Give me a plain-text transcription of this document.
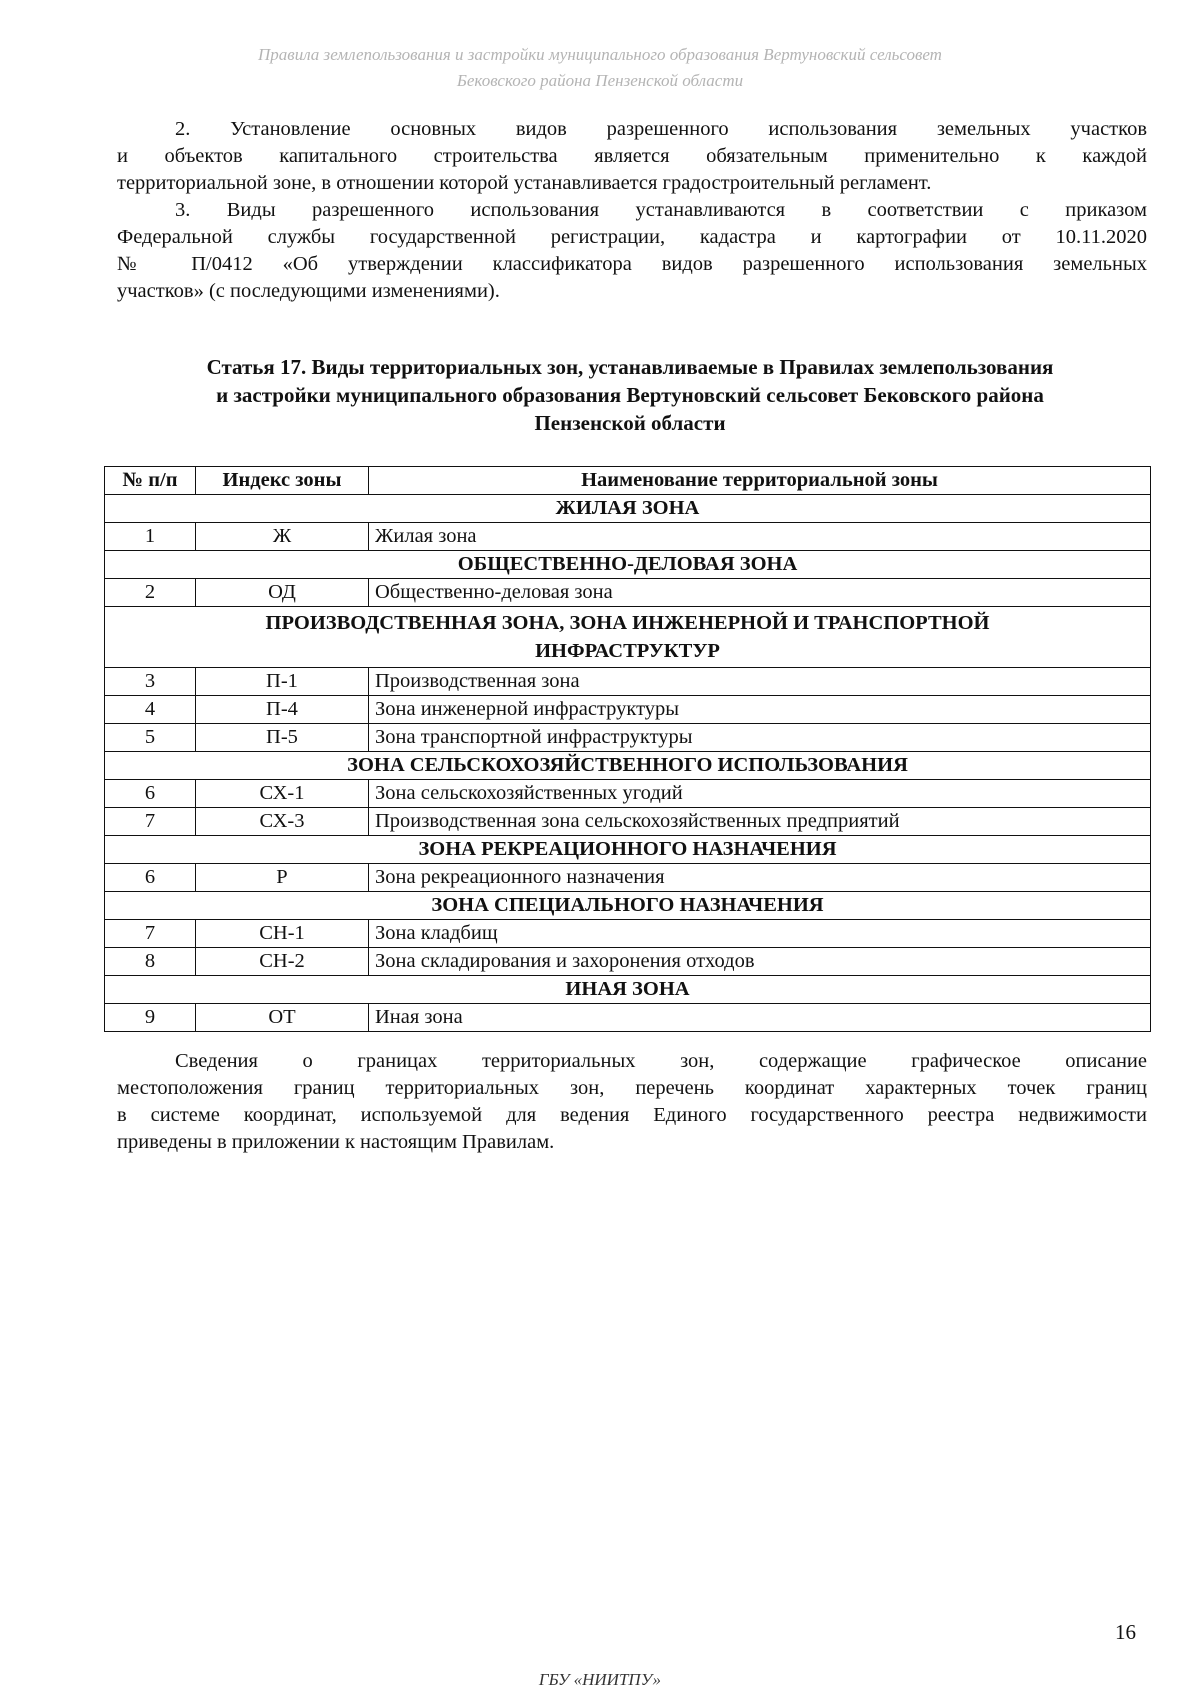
Правила землепользования и застройки муниципального образования Вертуновский сельсовет
Бековского района Пензенской области
2. Установление основных видов разрешенного использования земельных участков
и объектов капитального строительства является обязательным применительно к каждой
территориальной зоне, в отношении которой устанавливается градостроительный регламент.
3. Виды разрешенного использования устанавливаются в соответствии с приказом
Федеральной службы государственной регистрации, кадастра и картографии от 10.11.2020
№ П/0412 «Об утверждении классификатора видов разрешенного использования земельных
участков» (с последующими изменениями).
Статья 17. Виды территориальных зон, устанавливаемые в Правилах землепользования
и застройки муниципального образования Вертуновский сельсовет Бековского района
Пензенской области
№ п/п	Индекс зоны	Наименование территориальной зоны
ЖИЛАЯ ЗОНА		
1	Ж	Жилая зона
ОБЩЕСТВЕННО-ДЕЛОВАЯ ЗОНА		
2	ОД	Общественно-деловая зона

ПРОИЗВОДСТВЕННАЯ ЗОНА, ЗОНА ИНЖЕНЕРНОЙ И ТРАНСПОРТНОЙ
ИНФРАСТРУКТУР		

3	П-1	Производственная зона
4	П-4	Зона инженерной инфраструктуры
5	П-5	Зона транспортной инфраструктуры
ЗОНА СЕЛЬСКОХОЗЯЙСТВЕННОГО ИСПОЛЬЗОВАНИЯ		
6	СХ-1	Зона сельскохозяйственных угодий
7	СХ-3	Производственная зона сельскохозяйственных предприятий
ЗОНА РЕКРЕАЦИОННОГО НАЗНАЧЕНИЯ		
6	Р	Зона рекреационного назначения
ЗОНА СПЕЦИАЛЬНОГО НАЗНАЧЕНИЯ		
7	СН-1	Зона кладбищ
8	СН-2	Зона складирования и захоронения отходов
ИНАЯ ЗОНА		
9	ОТ	Иная зона
Сведения о границах территориальных зон, содержащие графическое описание
местоположения границ территориальных зон, перечень координат характерных точек границ
в системе координат, используемой для ведения Единого государственного реестра недвижимости
приведены в приложении к настоящим Правилам.
16
ГБУ «НИИТПУ»
